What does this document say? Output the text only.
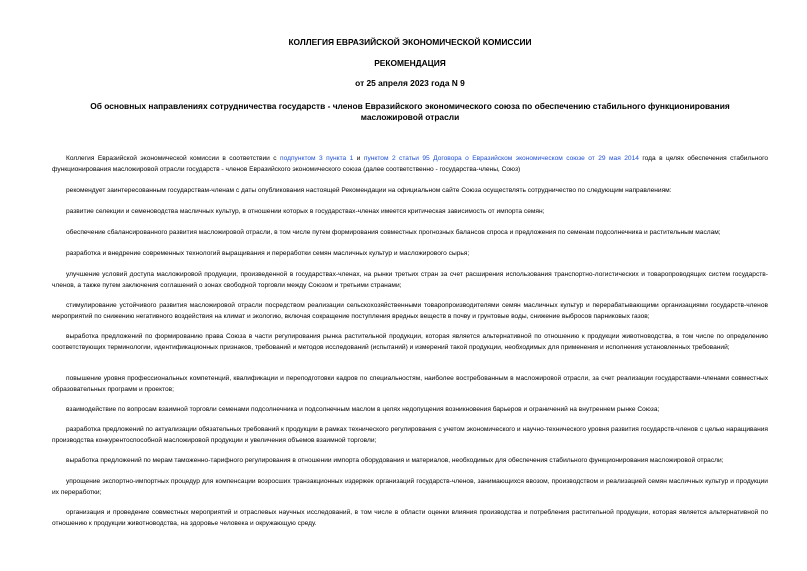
КОЛЛЕГИЯ ЕВРАЗИЙСКОЙ ЭКОНОМИЧЕСКОЙ КОМИССИИ
РЕКОМЕНДАЦИЯ
от 25 апреля 2023 года N 9
Об основных направлениях сотрудничества государств - членов Евразийского экономического союза по обеспечению стабильного функционирования масложировой отрасли
Коллегия Евразийской экономической комиссии в соответствии с подпунктом 3 пункта 1 и пунктом 2 статьи 95 Договора о Евразийском экономическом союзе от 29 мая 2014 года в целях обеспечения стабильного функционирования масложировой отрасли государств - членов Евразийского экономического союза (далее соответственно - государства-члены, Союз)
рекомендует заинтересованным государствам-членам с даты опубликования настоящей Рекомендации на официальном сайте Союза осуществлять сотрудничество по следующим направлениям:
развитие селекции и семеноводства масличных культур, в отношении которых в государствах-членах имеется критическая зависимость от импорта семян;
обеспечение сбалансированного развития масложировой отрасли, в том числе путем формирования совместных прогнозных балансов спроса и предложения по семенам подсолнечника и растительным маслам;
разработка и внедрение современных технологий выращивания и переработки семян масличных культур и масложирового сырья;
улучшение условий доступа масложировой продукции, произведенной в государствах-членах, на рынки третьих стран за счет расширения использования транспортно-логистических и товаропроводящих систем государств-членов, а также путем заключения соглашений о зонах свободной торговли между Союзом и третьими странами;
стимулирование устойчивого развития масложировой отрасли посредством реализации сельскохозяйственными товаропроизводителями семян масличных культур и перерабатывающими организациями государств-членов мероприятий по снижению негативного воздействия на климат и экологию, включая сокращение поступления вредных веществ в почву и грунтовые воды, снижение выбросов парниковых газов;
выработка предложений по формированию права Союза в части регулирования рынка растительной продукции, которая является альтернативной по отношению к продукции животноводства, в том числе по определению соответствующих терминологии, идентификационных признаков, требований и методов исследований (испытаний) и измерений такой продукции, необходимых для применения и исполнения установленных требований;
повышение уровня профессиональных компетенций, квалификации и переподготовки кадров по специальностям, наиболее востребованным в масложировой отрасли, за счет реализации государствами-членами совместных образовательных программ и проектов;
взаимодействие по вопросам взаимной торговли семенами подсолнечника и подсолнечным маслом в целях недопущения возникновения барьеров и ограничений на внутреннем рынке Союза;
разработка предложений по актуализации обязательных требований к продукции в рамках технического регулирования с учетом экономического и научно-технического уровня развития государств-членов с целью наращивания производства конкурентоспособной масложировой продукции и увеличения объемов взаимной торговли;
выработка предложений по мерам таможенно-тарифного регулирования в отношении импорта оборудования и материалов, необходимых для обеспечения стабильного функционирования масложировой отрасли;
упрощение экспортно-импортных процедур для компенсации возросших транзакционных издержек организаций государств-членов, занимающихся ввозом, производством и реализацией семян масличных культур и продукции их переработки;
организация и проведение совместных мероприятий и отраслевых научных исследований, в том числе в области оценки влияния производства и потребления растительной продукции, которая является альтернативной по отношению к продукции животноводства, на здоровье человека и окружающую среду.
